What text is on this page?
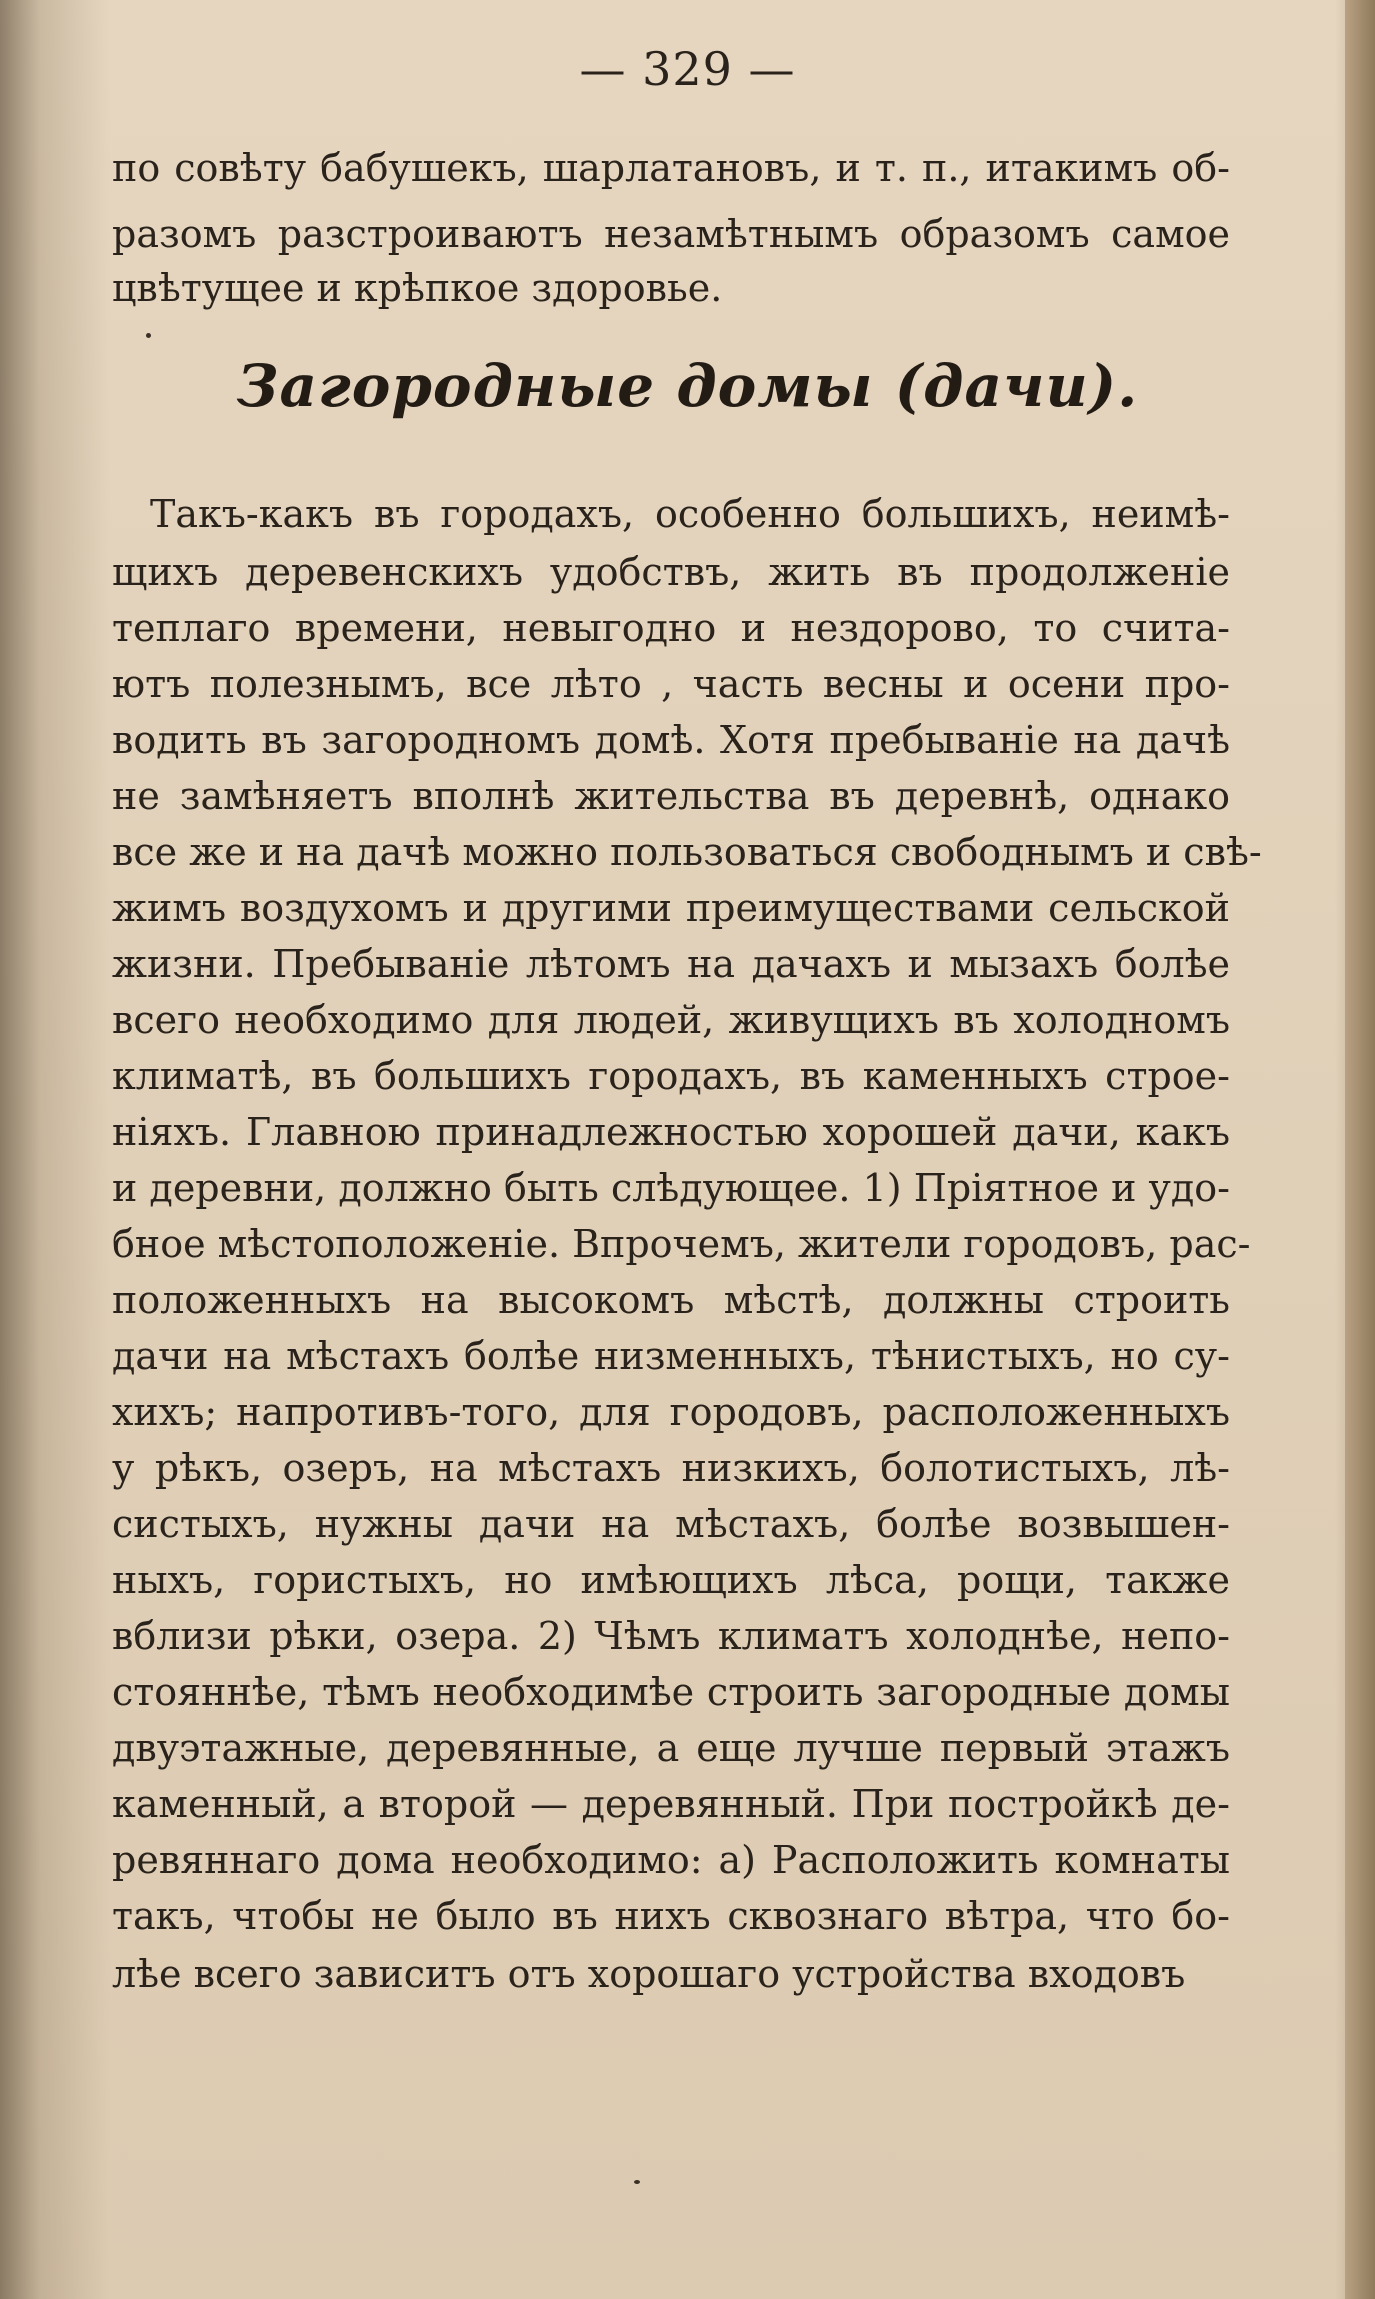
— 329 —
по совѣту бабушекъ, шарлатановъ, и т. п., итакимъ об-
разомъ разстроиваютъ незамѣтнымъ образомъ самое
цвѣтущее и крѣпкое здоровье.
Загородные домы (дачи).
Такъ-какъ въ городахъ, особенно большихъ, неимѣ-
щихъ деревенскихъ удобствъ, жить въ продолженіе
теплаго времени, невыгодно и нездорово, то счита-
ютъ полезнымъ, все лѣто , часть весны и осени про-
водить въ загородномъ домѣ. Хотя пребываніе на дачѣ
не замѣняетъ вполнѣ жительства въ деревнѣ, однако
все же и на дачѣ можно пользоваться свободнымъ и свѣ-
жимъ воздухомъ и другими преимуществами сельской
жизни. Пребываніе лѣтомъ на дачахъ и мызахъ болѣе
всего необходимо для людей, живущихъ въ холодномъ
климатѣ, въ большихъ городахъ, въ каменныхъ строе-
ніяхъ. Главною принадлежностью хорошей дачи, какъ
и деревни, должно быть слѣдующее. 1) Пріятное и удо-
бное мѣстоположеніе. Впрочемъ, жители городовъ, рас-
положенныхъ на высокомъ мѣстѣ, должны строить
дачи на мѣстахъ болѣе низменныхъ, тѣнистыхъ, но су-
хихъ; напротивъ-того, для городовъ, расположенныхъ
у рѣкъ, озеръ, на мѣстахъ низкихъ, болотистыхъ, лѣ-
систыхъ, нужны дачи на мѣстахъ, болѣе возвышен-
ныхъ, гористыхъ, но имѣющихъ лѣса, рощи, также
вблизи рѣки, озера. 2) Чѣмъ климатъ холоднѣе, непо-
стояннѣе, тѣмъ необходимѣе строить загородные домы
двуэтажные, деревянные, а еще лучше первый этажъ
каменный, а второй — деревянный. При постройкѣ де-
ревяннаго дома необходимо: а) Расположить комнаты
такъ, чтобы не было въ нихъ сквознаго вѣтра, что бо-
лѣе всего зависитъ отъ хорошаго устройства входовъ
